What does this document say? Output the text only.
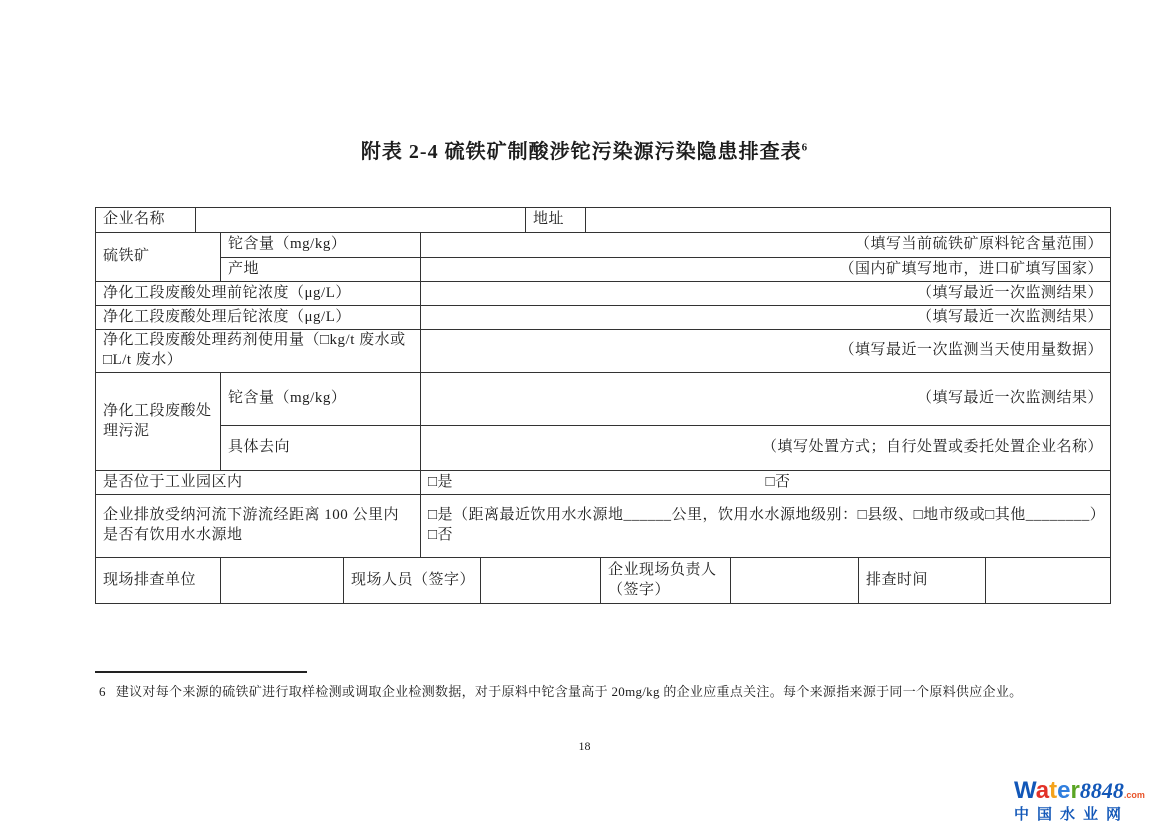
附表 2-4 硫铁矿制酸涉铊污染源污染隐患排查表$^6$
企业名称						地址					
硫铁矿		铊含量（mg/kg）		（填写当前硫铁矿原料铊含量范围）							
		产地		（国内矿填写地市，进口矿填写国家）							
净化工段废酸处理前铊浓度（μg/L）				（填写最近一次监测结果）							
净化工段废酸处理后铊浓度（μg/L）				（填写最近一次监测结果）							
净化工段废酸处理药剂使用量（□kg/t 废水或□L/t 废水）				（填写最近一次监测当天使用量数据）							
净化工段废酸处理污泥		铊含量（mg/kg）		（填写最近一次监测结果）							
		具体去向		（填写处置方式；自行处置或委托处置企业名称）							
是否位于工业园区内				□是 □否							

企业排放受纳河流下游流经距离 100 公里内是否有饮用水水源地				□是（距离最近饮用水水源地______公里，饮用水水源地级别：□县级、□地市级或□其他________）
□否							

现场排查单位			现场人员（签字）					企业现场负责人（签字）		排查时间	
6 建议对每个来源的硫铁矿进行取样检测或调取企业检测数据，对于原料中铊含量高于 20mg/kg 的企业应重点关注。每个来源指来源于同一个原料供应企业。
18
Water8848.com
中国水业网
